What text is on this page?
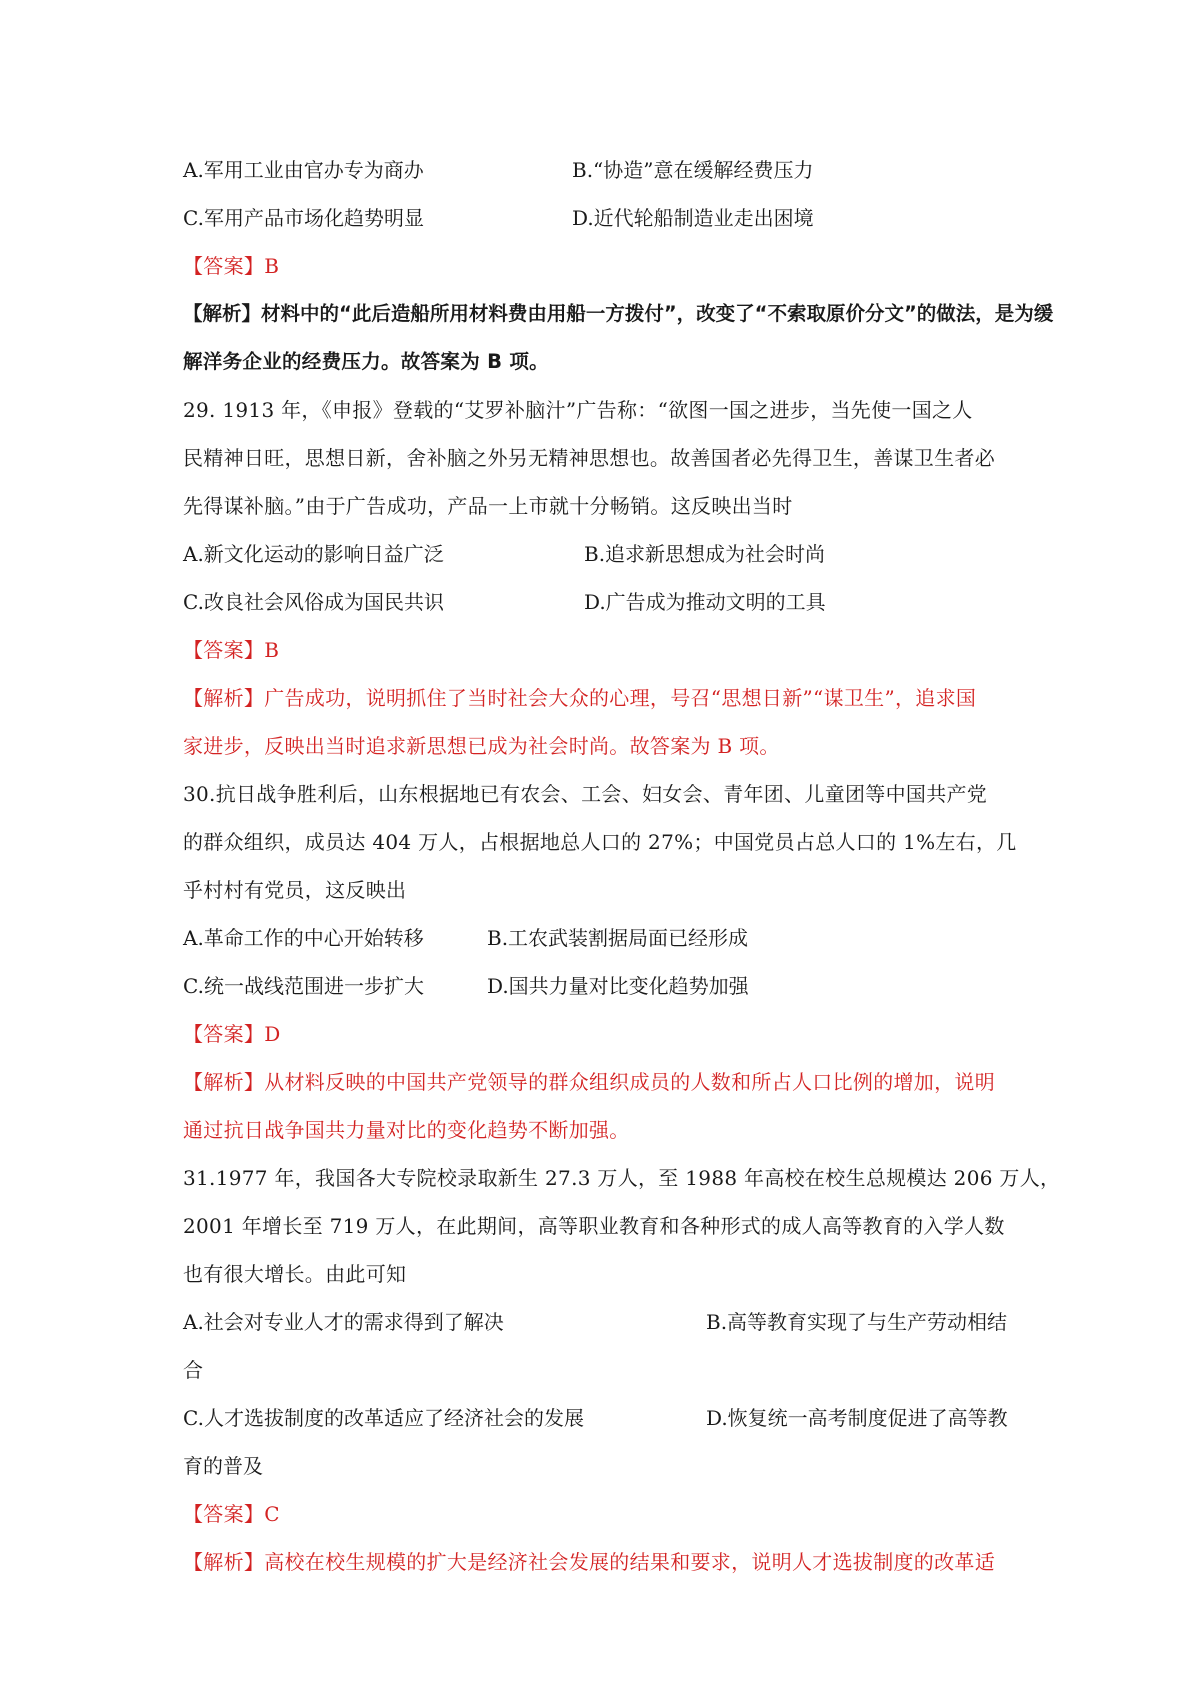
A.军用工业由官办专为商办	B.“协造”意在缓解经费压力
C.军用产品市场化趋势明显	D.近代轮船制造业走出困境
【答案】B
【解析】材料中的“此后造船所用材料费由用船一方拨付”，改变了“不索取原价分文”的做法，是为缓
解洋务企业的经费压力。故答案为 B 项。
29. 1913 年，《申报》登载的“艾罗补脑汁”广告称：“欲图一国之进步，当先使一国之人
民精神日旺，思想日新，舍补脑之外另无精神思想也。故善国者必先得卫生，善谋卫生者必
先得谋补脑。”由于广告成功，产品一上市就十分畅销。这反映出当时
A.新文化运动的影响日益广泛	B.追求新思想成为社会时尚
C.改良社会风俗成为国民共识	D.广告成为推动文明的工具
【答案】B
【解析】广告成功，说明抓住了当时社会大众的心理，号召“思想日新”“谋卫生”，追求国
家进步，反映出当时追求新思想已成为社会时尚。故答案为 B 项。
30.抗日战争胜利后，山东根据地已有农会、工会、妇女会、青年团、儿童团等中国共产党
的群众组织，成员达 404 万人，占根据地总人口的 27%；中国党员占总人口的 1%左右，几
乎村村有党员，这反映出
A.革命工作的中心开始转移	B.工农武装割据局面已经形成
C.统一战线范围进一步扩大	D.国共力量对比变化趋势加强
【答案】D
【解析】从材料反映的中国共产党领导的群众组织成员的人数和所占人口比例的增加，说明
通过抗日战争国共力量对比的变化趋势不断加强。
31.1977 年，我国各大专院校录取新生 27.3 万人，至 1988 年高校在校生总规模达 206 万人，
2001 年增长至 719 万人，在此期间，高等职业教育和各种形式的成人高等教育的入学人数
也有很大增长。由此可知
A.社会对专业人才的需求得到了解决	B.高等教育实现了与生产劳动相结
合
C.人才选拔制度的改革适应了经济社会的发展	D.恢复统一高考制度促进了高等教
育的普及
【答案】C
【解析】高校在校生规模的扩大是经济社会发展的结果和要求，说明人才选拔制度的改革适
